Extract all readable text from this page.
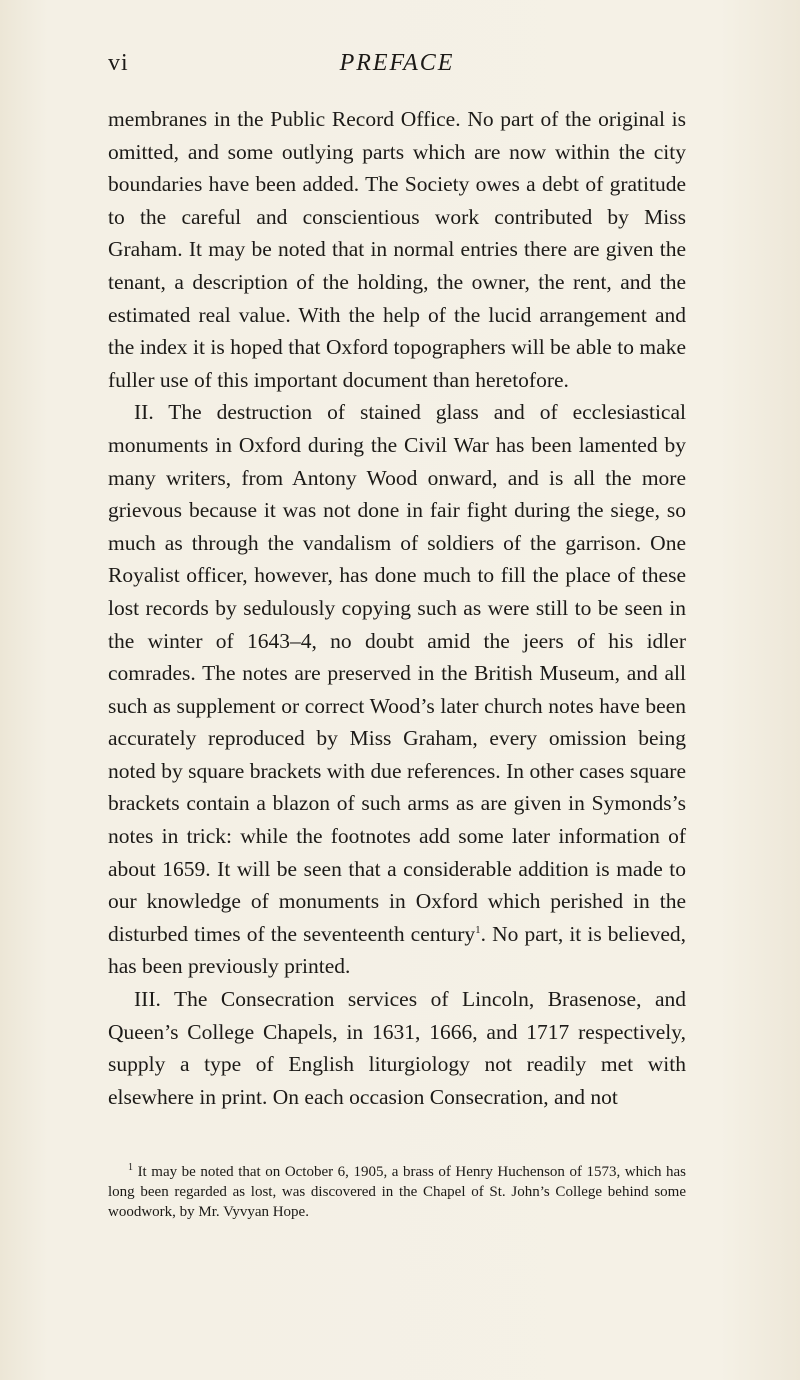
vi	PREFACE

membranes in the Public Record Office. No part of the original is omitted, and some outlying parts which are now within the city boundaries have been added. The Society owes a debt of gratitude to the careful and conscientious work contributed by Miss Graham. It may be noted that in normal entries there are given the tenant, a description of the holding, the owner, the rent, and the estimated real value. With the help of the lucid arrangement and the index it is hoped that Oxford topographers will be able to make fuller use of this important document than heretofore.

II. The destruction of stained glass and of ecclesiastical monuments in Oxford during the Civil War has been lamented by many writers, from Antony Wood onward, and is all the more grievous because it was not done in fair fight during the siege, so much as through the vandalism of soldiers of the garrison. One Royalist officer, however, has done much to fill the place of these lost records by sedulously copying such as were still to be seen in the winter of 1643–4, no doubt amid the jeers of his idler comrades. The notes are preserved in the British Museum, and all such as supplement or correct Wood’s later church notes have been accurately reproduced by Miss Graham, every omission being noted by square brackets with due references. In other cases square brackets contain a blazon of such arms as are given in Symonds’s notes in trick: while the footnotes add some later information of about 1659. It will be seen that a considerable addition is made to our knowledge of monuments in Oxford which perished in the disturbed times of the seventeenth century$^1$. No part, it is believed, has been previously printed.

III. The Consecration services of Lincoln, Brasenose, and Queen’s College Chapels, in 1631, 1666, and 1717 respectively, supply a type of English liturgiology not readily met with elsewhere in print. On each occasion Consecration, and not

$^1$ It may be noted that on October 6, 1905, a brass of Henry Huchenson of 1573, which has long been regarded as lost, was discovered in the Chapel of St. John’s College behind some woodwork, by Mr. Vyvyan Hope.
